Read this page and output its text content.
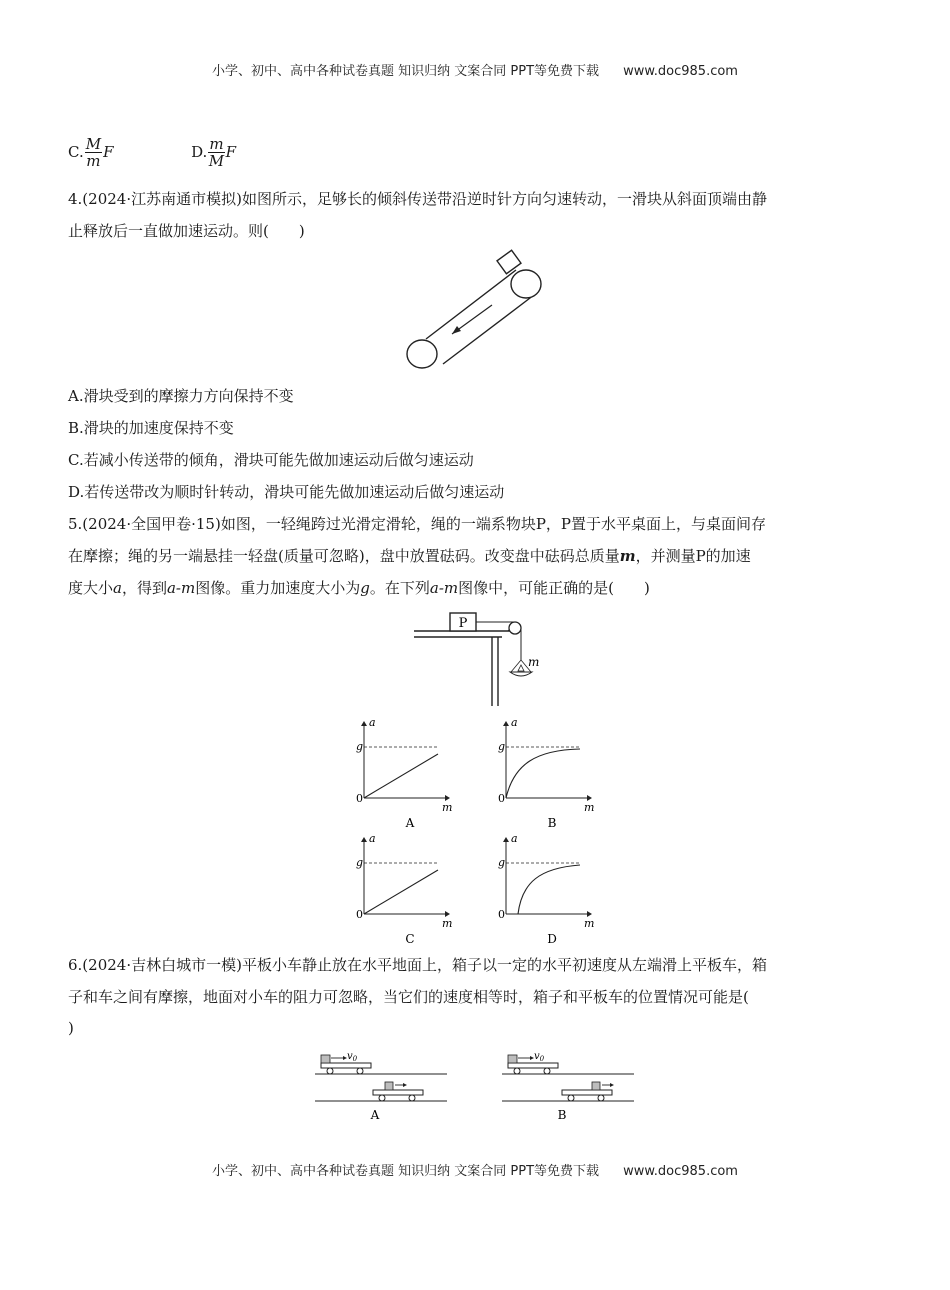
小学、初中、高中各种试卷真题 知识归纳 文案合同 PPT等免费下载 www.doc985.com
C. $\frac{M}{m}$ F	D. $\frac{m}{M}$ F
4.(2024·江苏南通市模拟)如图所示，足够长的倾斜传送带沿逆时针方向匀速转动，一滑块从斜面顶端由静
止释放后一直做加速运动。则(　　)
A.滑块受到的摩擦力方向保持不变
B.滑块的加速度保持不变
C.若减小传送带的倾角，滑块可能先做加速运动后做匀速运动
D.若传送带改为顺时针转动，滑块可能先做加速运动后做匀速运动
5.(2024·全国甲卷·15)如图，一轻绳跨过光滑定滑轮，绳的一端系物块P，P置于水平桌面上，与桌面间存
在摩擦；绳的另一端悬挂一轻盘(质量可忽略)，盘中放置砝码。改变盘中砝码总质量m，并测量P的加速
度大小a，得到a-m图像。重力加速度大小为g。在下列a-m图像中，可能正确的是(　　)
P
m
g
a
0
m
A
g
a
0
m
B
g
a
0
m
C
g
a
0
m
D
6.(2024·吉林白城市一模)平板小车静止放在水平地面上，箱子以一定的水平初速度从左端滑上平板车，箱
子和车之间有摩擦，地面对小车的阻力可忽略，当它们的速度相等时，箱子和平板车的位置情况可能是(
)
$v_0$
A
$v_0$
B
小学、初中、高中各种试卷真题 知识归纳 文案合同 PPT等免费下载 www.doc985.com
